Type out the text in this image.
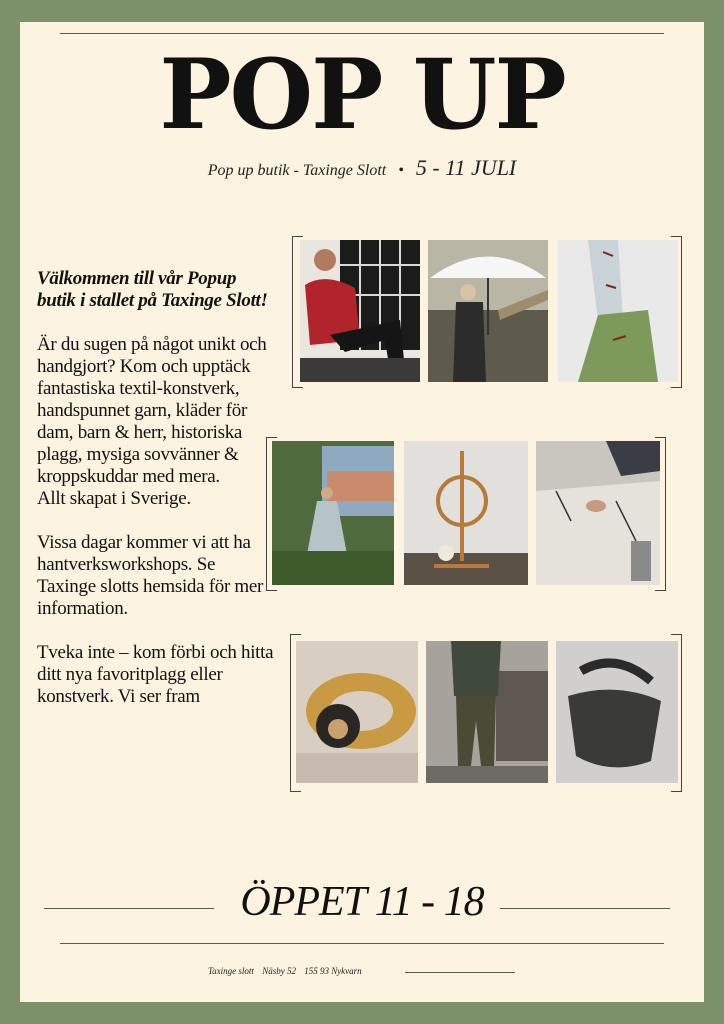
POP UP
Pop up butik - Taxinge Slott • 5 - 11 JULI

Välkommen till vår Popup butik i stallet på Taxinge Slott!

Är du sugen på något unikt och handgjort? Kom och upptäck fantastiska textil-konstverk, handspunnet garn, kläder för dam, barn & herr, historiska plagg, mysiga sovvänner & kroppskuddar med mera.

Allt skapat i Sverige.

Vissa dagar kommer vi att ha hantverksworkshops. Se Taxinge slotts hemsida för mer information.

Tveka inte – kom förbi och hitta ditt nya favoritplagg eller konstverk. Vi ser fram

ÖPPET 11 - 18
Taxinge slott Näsby 52 155 93 Nykvarn
